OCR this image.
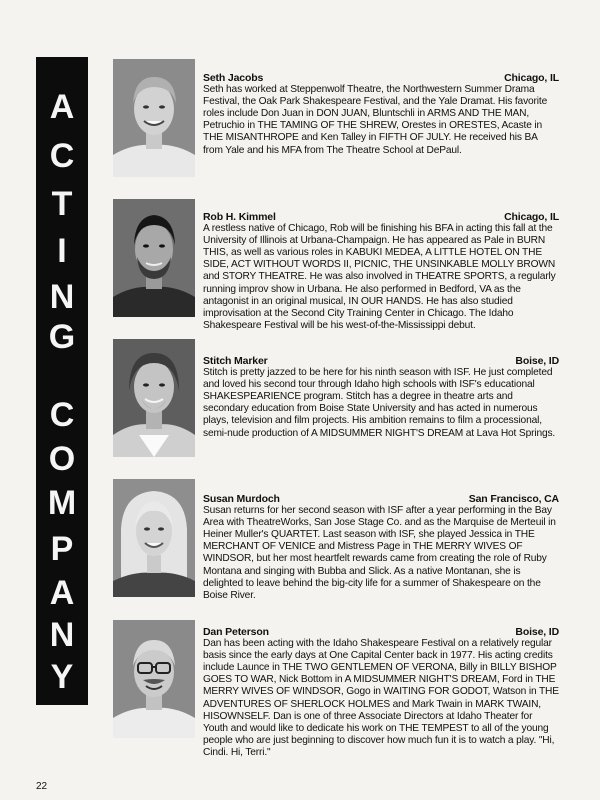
A
C
T
I
N
G
C
O
M
P
A
N
Y
Seth Jacobs	Chicago, IL

Seth has worked at Steppenwolf Theatre, the Northwestern Summer Drama Festival, the Oak Park Shakespeare Festival, and the Yale Dramat. His favorite roles include Don Juan in DON JUAN, Bluntschli in ARMS AND THE MAN, Petruchio in THE TAMING OF THE SHREW, Orestes in ORESTES, Acaste in THE MISANTHROPE and Ken Talley in FIFTH OF JULY. He received his BA from Yale and his MFA from The Theatre School at DePaul.

Rob H. Kimmel	Chicago, IL

A restless native of Chicago, Rob will be finishing his BFA in acting this fall at the University of Illinois at Urbana-Champaign. He has appeared as Pale in BURN THIS, as well as various roles in KABUKI MEDEA, A LITTLE HOTEL ON THE SIDE, ACT WITHOUT WORDS II, PICNIC, THE UNSINKABLE MOLLY BROWN and STORY THEATRE. He was also involved in THEATRE SPORTS, a regularly running improv show in Urbana. He also performed in Bedford, VA as the antagonist in an original musical, IN OUR HANDS. He has also studied improvisation at the Second City Training Center in Chicago. The Idaho Shakespeare Festival will be his west-of-the-Mississippi debut.

Stitch Marker	Boise, ID

Stitch is pretty jazzed to be here for his ninth season with ISF. He just completed and loved his second tour through Idaho high schools with ISF's educational SHAKESPEARIENCE program. Stitch has a degree in theatre arts and secondary education from Boise State University and has acted in numerous plays, television and film projects. His ambition remains to film a processional, semi-nude production of A MIDSUMMER NIGHT'S DREAM at Lava Hot Springs.

Susan Murdoch	San Francisco, CA

Susan returns for her second season with ISF after a year performing in the Bay Area with TheatreWorks, San Jose Stage Co. and as the Marquise de Merteuil in Heiner Muller's QUARTET. Last season with ISF, she played Jessica in THE MERCHANT OF VENICE and Mistress Page in THE MERRY WIVES OF WINDSOR, but her most heartfelt rewards came from creating the role of Ruby Montana and singing with Bubba and Slick. As a native Montanan, she is delighted to leave behind the big-city life for a summer of Shakespeare on the Boise River.

Dan Peterson	Boise, ID

Dan has been acting with the Idaho Shakespeare Festival on a relatively regular basis since the early days at One Capital Center back in 1977. His acting credits include Launce in THE TWO GENTLEMEN OF VERONA, Billy in BILLY BISHOP GOES TO WAR, Nick Bottom in A MIDSUMMER NIGHT'S DREAM, Ford in THE MERRY WIVES OF WINDSOR, Gogo in WAITING FOR GODOT, Watson in THE ADVENTURES OF SHERLOCK HOLMES and Mark Twain in MARK TWAIN, HISOWNSELF. Dan is one of three Associate Directors at Idaho Theater for Youth and would like to dedicate his work on THE TEMPEST to all of the young people who are just beginning to discover how much fun it is to watch a play. "Hi, Cindi. Hi, Terri."

22
